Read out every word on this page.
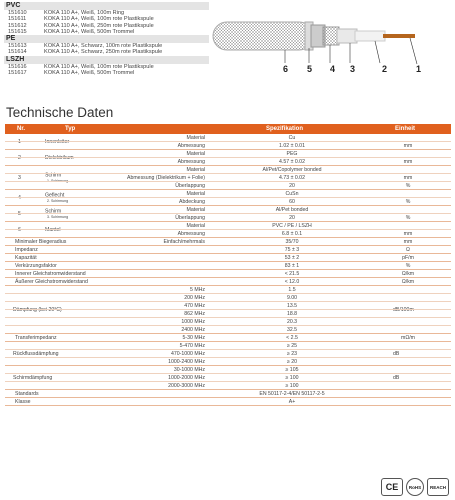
PVC
151610	KOKA 110 A+, Weiß, 100m Ring
151611	KOKA 110 A+, Weiß, 100m rote Plastikspule
151612	KOKA 110 A+, Weiß, 250m rote Plastikspule
151615	KOKA 110 A+, Weiß, 500m Trommel
PE
151613	KOKA 110 A+, Schwarz, 100m rote Plastikspule
151614	KOKA 110 A+, Schwarz, 250m rote Plastikspule
LSZH
151616	KOKA 110 A+, Weiß, 100m rote Plastikspule
151617	KOKA 110 A+, Weiß, 500m Trommel	6 5 4 3	2	1
Technische Daten
Nr.	Typ	Spezifikation	Einheit
1	Innenleiter
Material	Cu
Abmessung	1.02 ± 0.01	mm
2	Dielektrikum
Material	PEG
Abmessung	4.57 ± 0.02	mm
3	Schirm
1. Schirmung
Material	Al/Pet/Copolymer bonded
Abmessung (Dielektrikum + Folie)	4.73 ± 0.02	mm
Überlappung	20	%
4	Geflecht
2. Schirmung
Material	CuSn
Abdeckung	60	%
5	Schirm
3. Schirmung
Material	Al/Pet bonded
Überlappung	20	%
6	Mantel
Material	PVC / PE / LSZH
Abmessung	6.8 ± 0.1	mm
Minimaler Biegeradius	Einfach/mehrmals	35/70	mm
Impedanz	75 ± 3	Ω
Kapazität	53 ± 2	pF/m
Verkürzungsfaktor	83 ± 1	%
Innerer Gleichstromwiderstand	< 21.5	Ω/km
Äußerer Gleichstromwiderstand	< 12.0	Ω/km
Dämpfung (bei 20°C)	dB/100m
5 MHz	1.5
200 MHz	9.00
470 MHz	13.5
862 MHz	18.8
1000 MHz	20.3
2400 MHz	32.5
Transferimpedanz	5-30 MHz	< 2.5	mΩ/m
Rückflussdämpfung	dB
5-470 MHz	≥ 25
470-1000 MHz	≥ 23
1000-2400 MHz	≥ 20
Schirmdämpfung	dB
30-1000 MHz	≥ 105
1000-2000 MHz	≥ 100
2000-3000 MHz	≥ 100
Standards	EN 50117-2-4/EN 50117-2-5
Klasse	A+
CE	RoHS	REACH
